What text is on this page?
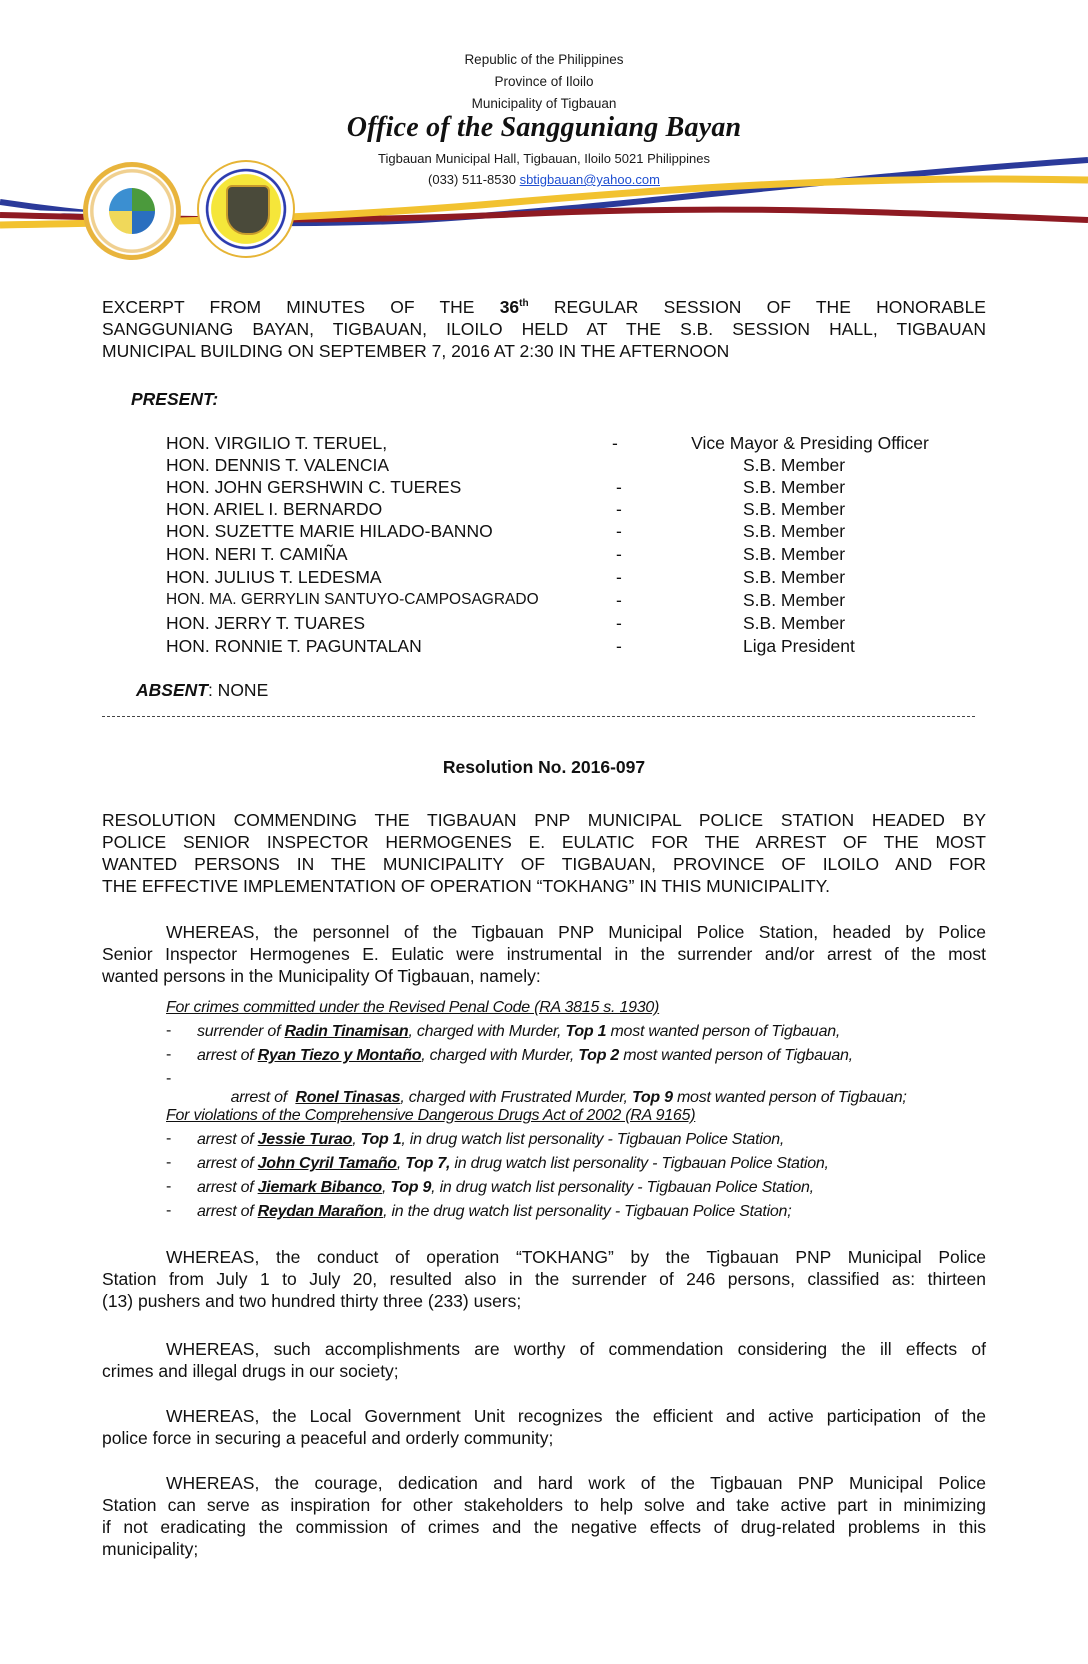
Republic of the Philippines
Province of Iloilo
Municipality of Tigbauan
Office of the Sangguniang Bayan
Tigbauan Municipal Hall, Tigbauan, Iloilo 5021 Philippines
(033) 511-8530 sbtigbauan@yahoo.com
EXCERPT FROM MINUTES OF THE 36th REGULAR SESSION OF THE HONORABLE
SANGGUNIANG BAYAN, TIGBAUAN, ILOILO HELD AT THE S.B. SESSION HALL, TIGBAUAN
MUNICIPAL BUILDING ON SEPTEMBER 7, 2016 AT 2:30 IN THE AFTERNOON
PRESENT:
HON. VIRGILIO T. TERUEL,	-	Vice Mayor & Presiding Officer
HON. DENNIS T. VALENCIA	S.B. Member
HON. JOHN GERSHWIN C. TUERES	-	S.B. Member
HON. ARIEL I. BERNARDO	-	S.B. Member
HON. SUZETTE MARIE HILADO-BANNO	-	S.B. Member
HON. NERI T. CAMIÑA	-	S.B. Member
HON. JULIUS T. LEDESMA	-	S.B. Member
HON. MA. GERRYLIN SANTUYO-CAMPOSAGRADO	-	S.B. Member
HON. JERRY T. TUARES	-	S.B. Member
HON. RONNIE T. PAGUNTALAN	-	Liga President
ABSENT: NONE
Resolution No. 2016-097
RESOLUTION COMMENDING THE TIGBAUAN PNP MUNICIPAL POLICE STATION HEADED BY
POLICE SENIOR INSPECTOR HERMOGENES E. EULATIC FOR THE ARREST OF THE MOST
WANTED PERSONS IN THE MUNICIPALITY OF TIGBAUAN, PROVINCE OF ILOILO AND FOR
THE EFFECTIVE IMPLEMENTATION OF OPERATION “TOKHANG” IN THIS MUNICIPALITY.
WHEREAS, the personnel of the Tigbauan PNP Municipal Police Station, headed by Police
Senior Inspector Hermogenes E. Eulatic were instrumental in the surrender and/or arrest of the most
wanted persons in the Municipality Of Tigbauan, namely:
For crimes committed under the Revised Penal Code (RA 3815 s. 1930)
- surrender of Radin Tinamisan, charged with Murder, Top 1 most wanted person of Tigbauan,
- arrest of Ryan Tiezo y Montaño, charged with Murder, Top 2 most wanted person of Tigbauan,
-

arrest of  Ronel Tinasas, charged with Frustrated Murder, Top 9 most wanted person of Tigbauan;

For violations of the Comprehensive Dangerous Drugs Act of 2002 (RA 9165)
- arrest of Jessie Turao, Top 1, in drug watch list personality - Tigbauan Police Station,
- arrest of John Cyril Tamaño, Top 7, in drug watch list personality - Tigbauan Police Station,
- arrest of Jiemark Bibanco, Top 9, in drug watch list personality - Tigbauan Police Station,
- arrest of Reydan Marañon, in the drug watch list personality - Tigbauan Police Station;
WHEREAS, the conduct of operation “TOKHANG” by the Tigbauan PNP Municipal Police
Station from July 1 to July 20, resulted also in the surrender of 246 persons, classified as: thirteen
(13) pushers and two hundred thirty three (233) users;
WHEREAS, such accomplishments are worthy of commendation considering the ill effects of
crimes and illegal drugs in our society;
WHEREAS, the Local Government Unit recognizes the efficient and active participation of the
police force in securing a peaceful and orderly community;
WHEREAS, the courage, dedication and hard work of the Tigbauan PNP Municipal Police
Station can serve as inspiration for other stakeholders to help solve and take active part in minimizing
if not eradicating the commission of crimes and the negative effects of drug-related problems in this
municipality;
